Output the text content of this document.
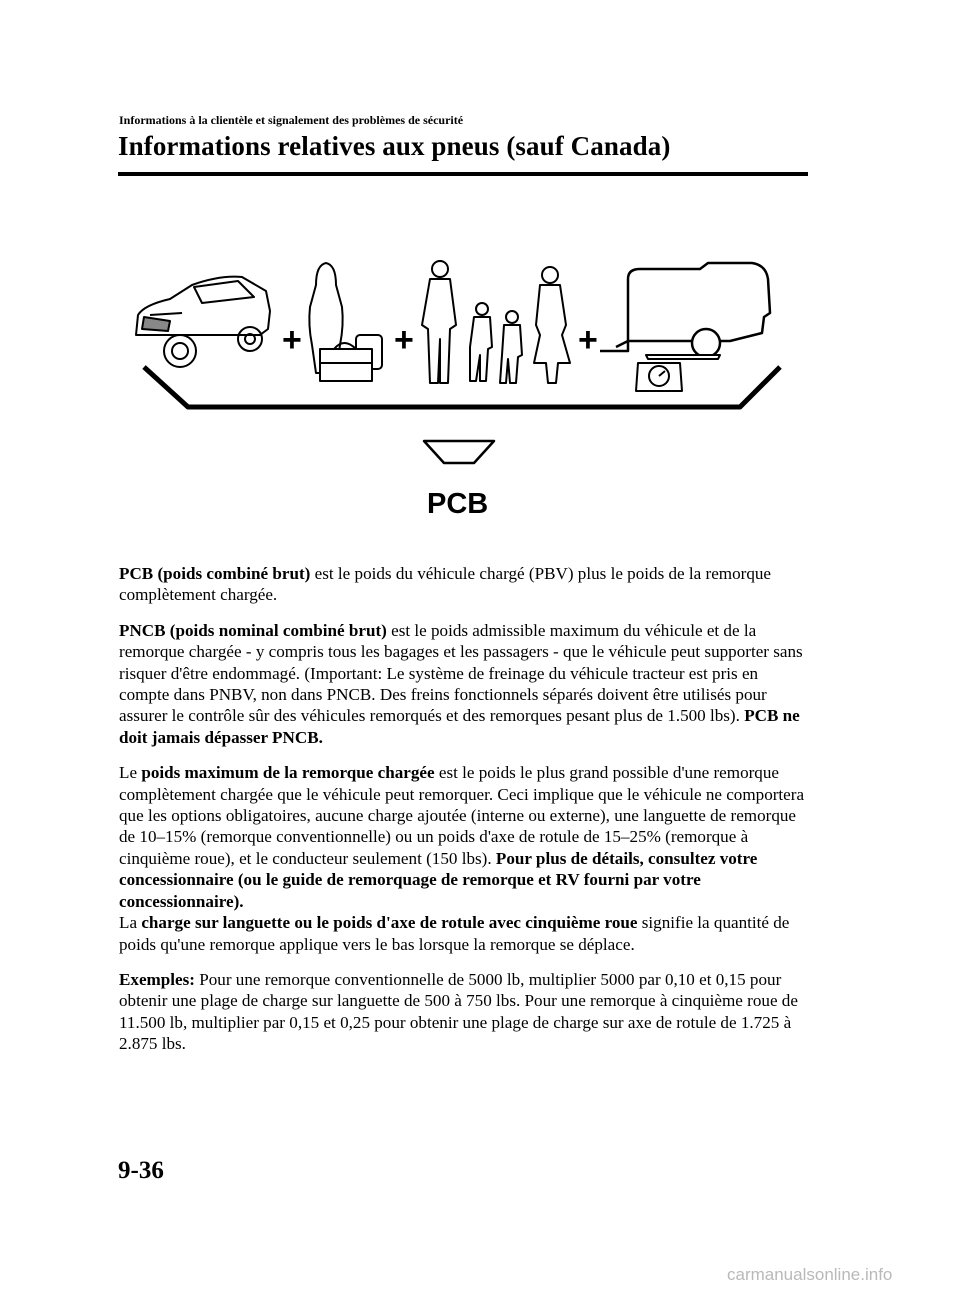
Informations à la clientèle et signalement des problèmes de sécurité
Informations relatives aux pneus (sauf Canada)
+	+	+
PCB

PCB (poids combiné brut) est le poids du véhicule chargé (PBV) plus le poids de la remorque complètement chargée.

PNCB (poids nominal combiné brut) est le poids admissible maximum du véhicule et de la remorque chargée - y compris tous les bagages et les passagers - que le véhicule peut supporter sans risquer d'être endommagé. (Important: Le système de freinage du véhicule tracteur est pris en compte dans PNBV, non dans PNCB. Des freins fonctionnels séparés doivent être utilisés pour assurer le contrôle sûr des véhicules remorqués et des remorques pesant plus de 1.500 lbs). PCB ne doit jamais dépasser PNCB.

Le poids maximum de la remorque chargée est le poids le plus grand possible d'une remorque complètement chargée que le véhicule peut remorquer. Ceci implique que le véhicule ne comportera que les options obligatoires, aucune charge ajoutée (interne ou externe), une languette de remorque de 10–15% (remorque conventionnelle) ou un poids d'axe de rotule de 15–25% (remorque à cinquième roue), et le conducteur seulement (150 lbs). Pour plus de détails, consultez votre concessionnaire (ou le guide de remorquage de remorque et RV fourni par votre concessionnaire).

La charge sur languette ou le poids d'axe de rotule avec cinquième roue signifie la quantité de poids qu'une remorque applique vers le bas lorsque la remorque se déplace.

Exemples: Pour une remorque conventionnelle de 5000 lb, multiplier 5000 par 0,10 et 0,15 pour obtenir une plage de charge sur languette de 500 à 750 lbs. Pour une remorque à cinquième roue de 11.500 lb, multiplier par 0,15 et 0,25 pour obtenir une plage de charge sur axe de rotule de 1.725 à 2.875 lbs.

9-36
carmanualsonline.info
